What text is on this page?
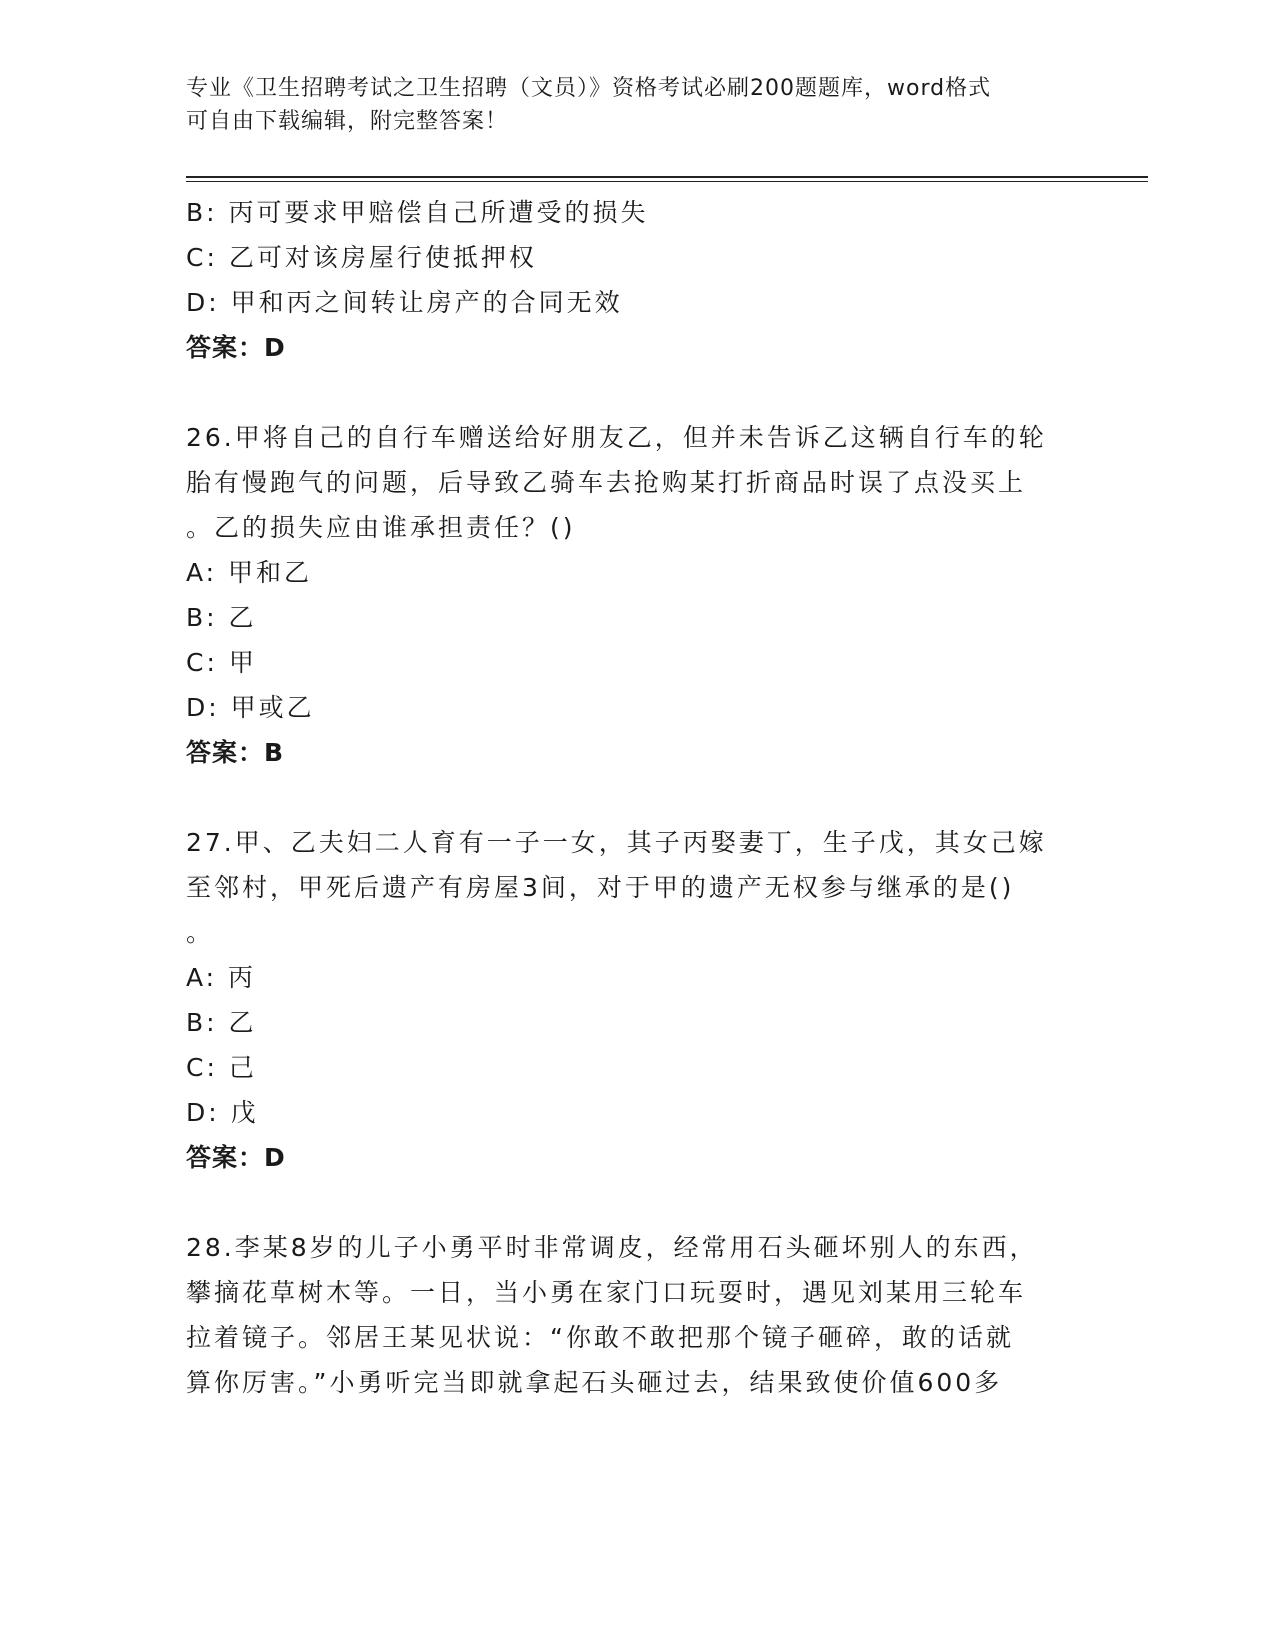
专业《卫生招聘考试之卫生招聘（文员）》资格考试必刷200题题库，word格式
可自由下载编辑，附完整答案！
B: 丙可要求甲赔偿自己所遭受的损失
C: 乙可对该房屋行使抵押权
D: 甲和丙之间转让房产的合同无效
答案：D
26.甲将自己的自行车赠送给好朋友乙，但并未告诉乙这辆自行车的轮
胎有慢跑气的问题，后导致乙骑车去抢购某打折商品时误了点没买上
。乙的损失应由谁承担责任？()
A: 甲和乙
B: 乙
C: 甲
D: 甲或乙
答案：B
27.甲、乙夫妇二人育有一子一女，其子丙娶妻丁，生子戊，其女己嫁
至邻村，甲死后遗产有房屋3间，对于甲的遗产无权参与继承的是()
。
A: 丙
B: 乙
C: 己
D: 戊
答案：D
28.李某8岁的儿子小勇平时非常调皮，经常用石头砸坏别人的东西，
攀摘花草树木等。一日，当小勇在家门口玩耍时，遇见刘某用三轮车
拉着镜子。邻居王某见状说：“你敢不敢把那个镜子砸碎，敢的话就
算你厉害。”小勇听完当即就拿起石头砸过去，结果致使价值600多
